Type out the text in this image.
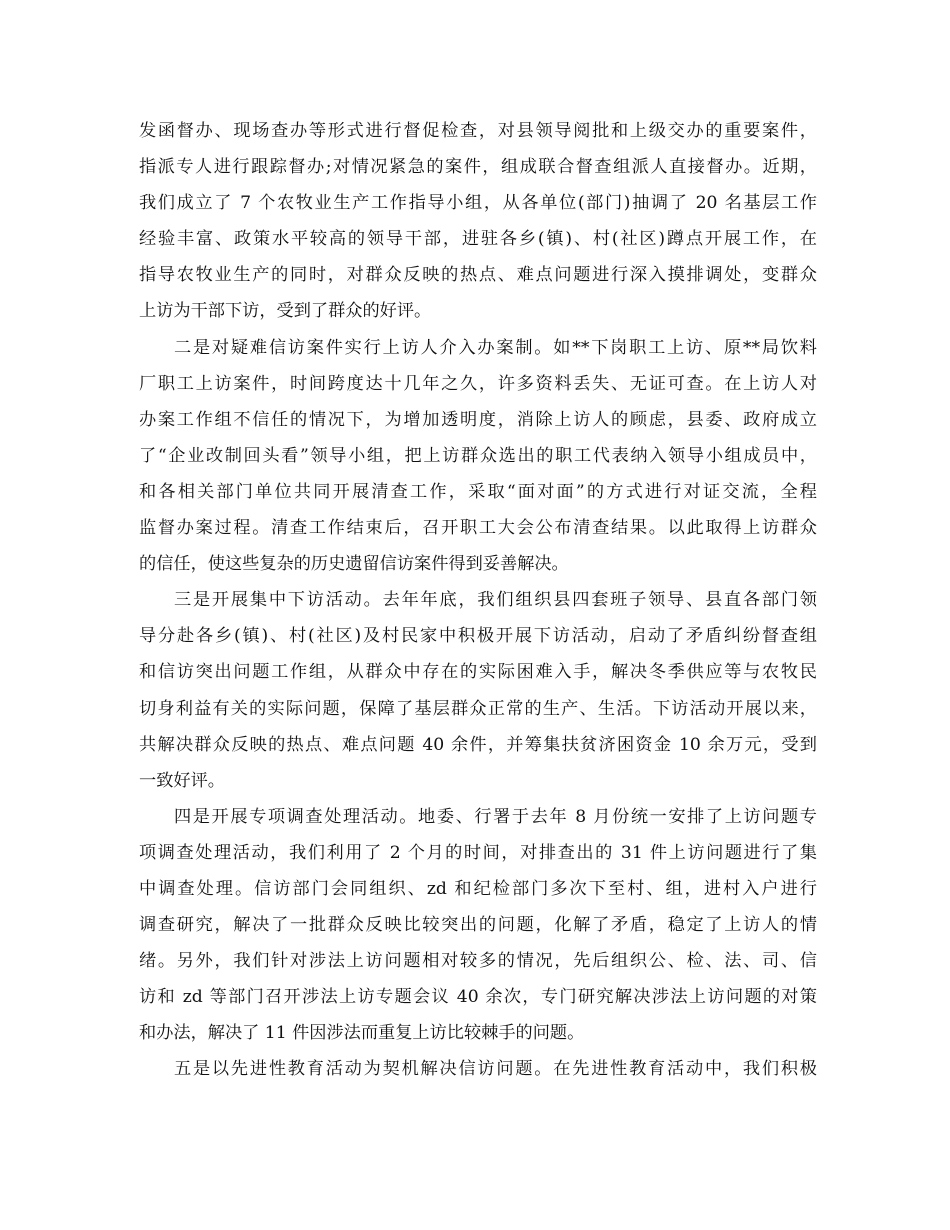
发函督办、现场查办等形式进行督促检查，对县领导阅批和上级交办的重要案件，
指派专人进行跟踪督办;对情况紧急的案件，组成联合督查组派人直接督办。近期，
我们成立了 7 个农牧业生产工作指导小组，从各单位(部门)抽调了 20 名基层工作
经验丰富、政策水平较高的领导干部，进驻各乡(镇)、村(社区)蹲点开展工作，在
指导农牧业生产的同时，对群众反映的热点、难点问题进行深入摸排调处，变群众
上访为干部下访，受到了群众的好评。
二是对疑难信访案件实行上访人介入办案制。如**下岗职工上访、原**局饮料
厂职工上访案件，时间跨度达十几年之久，许多资料丢失、无证可查。在上访人对
办案工作组不信任的情况下，为增加透明度，消除上访人的顾虑，县委、政府成立
了“企业改制回头看”领导小组，把上访群众选出的职工代表纳入领导小组成员中，
和各相关部门单位共同开展清查工作，采取“面对面”的方式进行对证交流，全程
监督办案过程。清查工作结束后，召开职工大会公布清查结果。以此取得上访群众
的信任，使这些复杂的历史遗留信访案件得到妥善解决。
三是开展集中下访活动。去年年底，我们组织县四套班子领导、县直各部门领
导分赴各乡(镇)、村(社区)及村民家中积极开展下访活动，启动了矛盾纠纷督查组
和信访突出问题工作组，从群众中存在的实际困难入手，解决冬季供应等与农牧民
切身利益有关的实际问题，保障了基层群众正常的生产、生活。下访活动开展以来，
共解决群众反映的热点、难点问题 40 余件，并筹集扶贫济困资金 10 余万元，受到
一致好评。
四是开展专项调查处理活动。地委、行署于去年 8 月份统一安排了上访问题专
项调查处理活动，我们利用了 2 个月的时间，对排查出的 31 件上访问题进行了集
中调查处理。信访部门会同组织、zd 和纪检部门多次下至村、组，进村入户进行
调查研究，解决了一批群众反映比较突出的问题，化解了矛盾，稳定了上访人的情
绪。另外，我们针对涉法上访问题相对较多的情况，先后组织公、检、法、司、信
访和 zd 等部门召开涉法上访专题会议 40 余次，专门研究解决涉法上访问题的对策
和办法，解决了 11 件因涉法而重复上访比较棘手的问题。
五是以先进性教育活动为契机解决信访问题。在先进性教育活动中，我们积极
